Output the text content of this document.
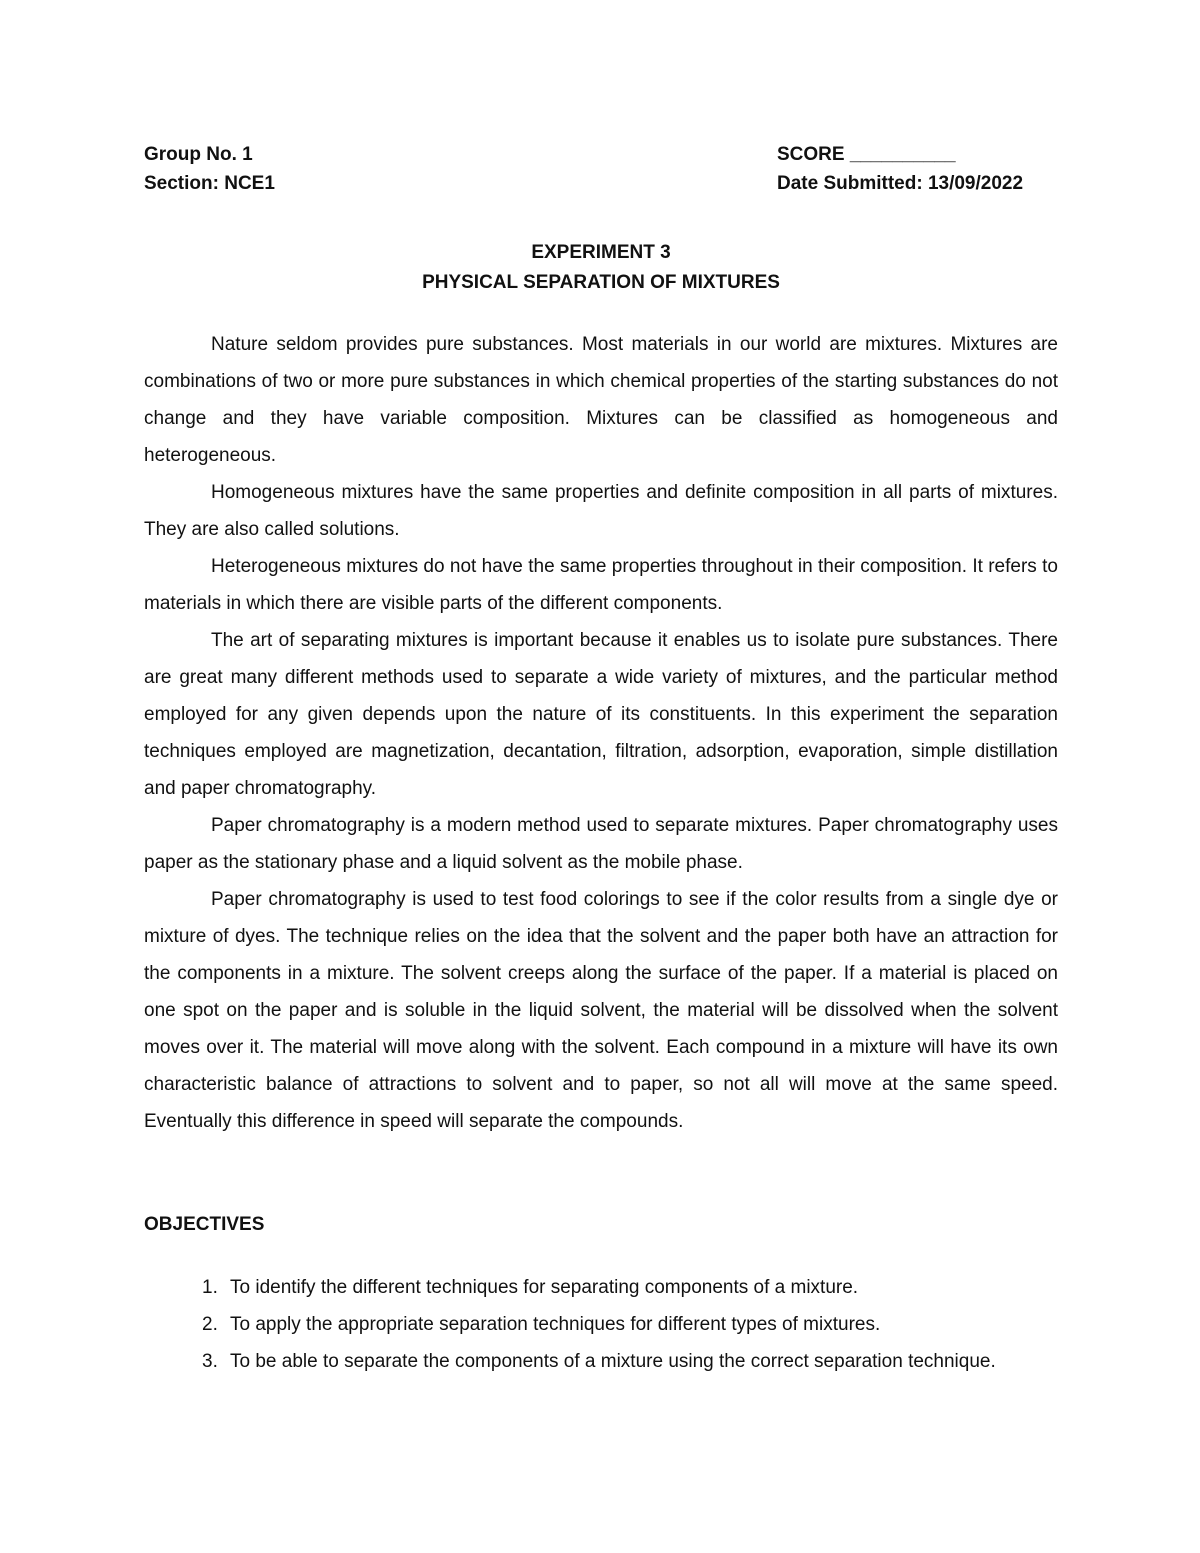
Group No. 1	SCORE __________
Section: NCE1	Date Submitted: 13/09/2022
EXPERIMENT 3
PHYSICAL SEPARATION OF MIXTURES

Nature seldom provides pure substances. Most materials in our world are mixtures. Mixtures are combinations of two or more pure substances in which chemical properties of the starting substances do not change and they have variable composition. Mixtures can be classified as homogeneous and heterogeneous.

Homogeneous mixtures have the same properties and definite composition in all parts of mixtures. They are also called solutions.

Heterogeneous mixtures do not have the same properties throughout in their composition. It refers to materials in which there are visible parts of the different components.

The art of separating mixtures is important because it enables us to isolate pure substances. There are great many different methods used to separate a wide variety of mixtures, and the particular method employed for any given depends upon the nature of its constituents. In this experiment the separation techniques employed are magnetization, decantation, filtration, adsorption, evaporation, simple distillation and paper chromatography.

Paper chromatography is a modern method used to separate mixtures. Paper chromatography uses paper as the stationary phase and a liquid solvent as the mobile phase.

Paper chromatography is used to test food colorings to see if the color results from a single dye or mixture of dyes. The technique relies on the idea that the solvent and the paper both have an attraction for the components in a mixture. The solvent creeps along the surface of the paper. If a material is placed on one spot on the paper and is soluble in the liquid solvent, the material will be dissolved when the solvent moves over it. The material will move along with the solvent. Each compound in a mixture will have its own characteristic balance of attractions to solvent and to paper, so not all will move at the same speed. Eventually this difference in speed will separate the compounds.

OBJECTIVES
1. To identify the different techniques for separating components of a mixture.
2. To apply the appropriate separation techniques for different types of mixtures.
3. To be able to separate the components of a mixture using the correct separation technique.
